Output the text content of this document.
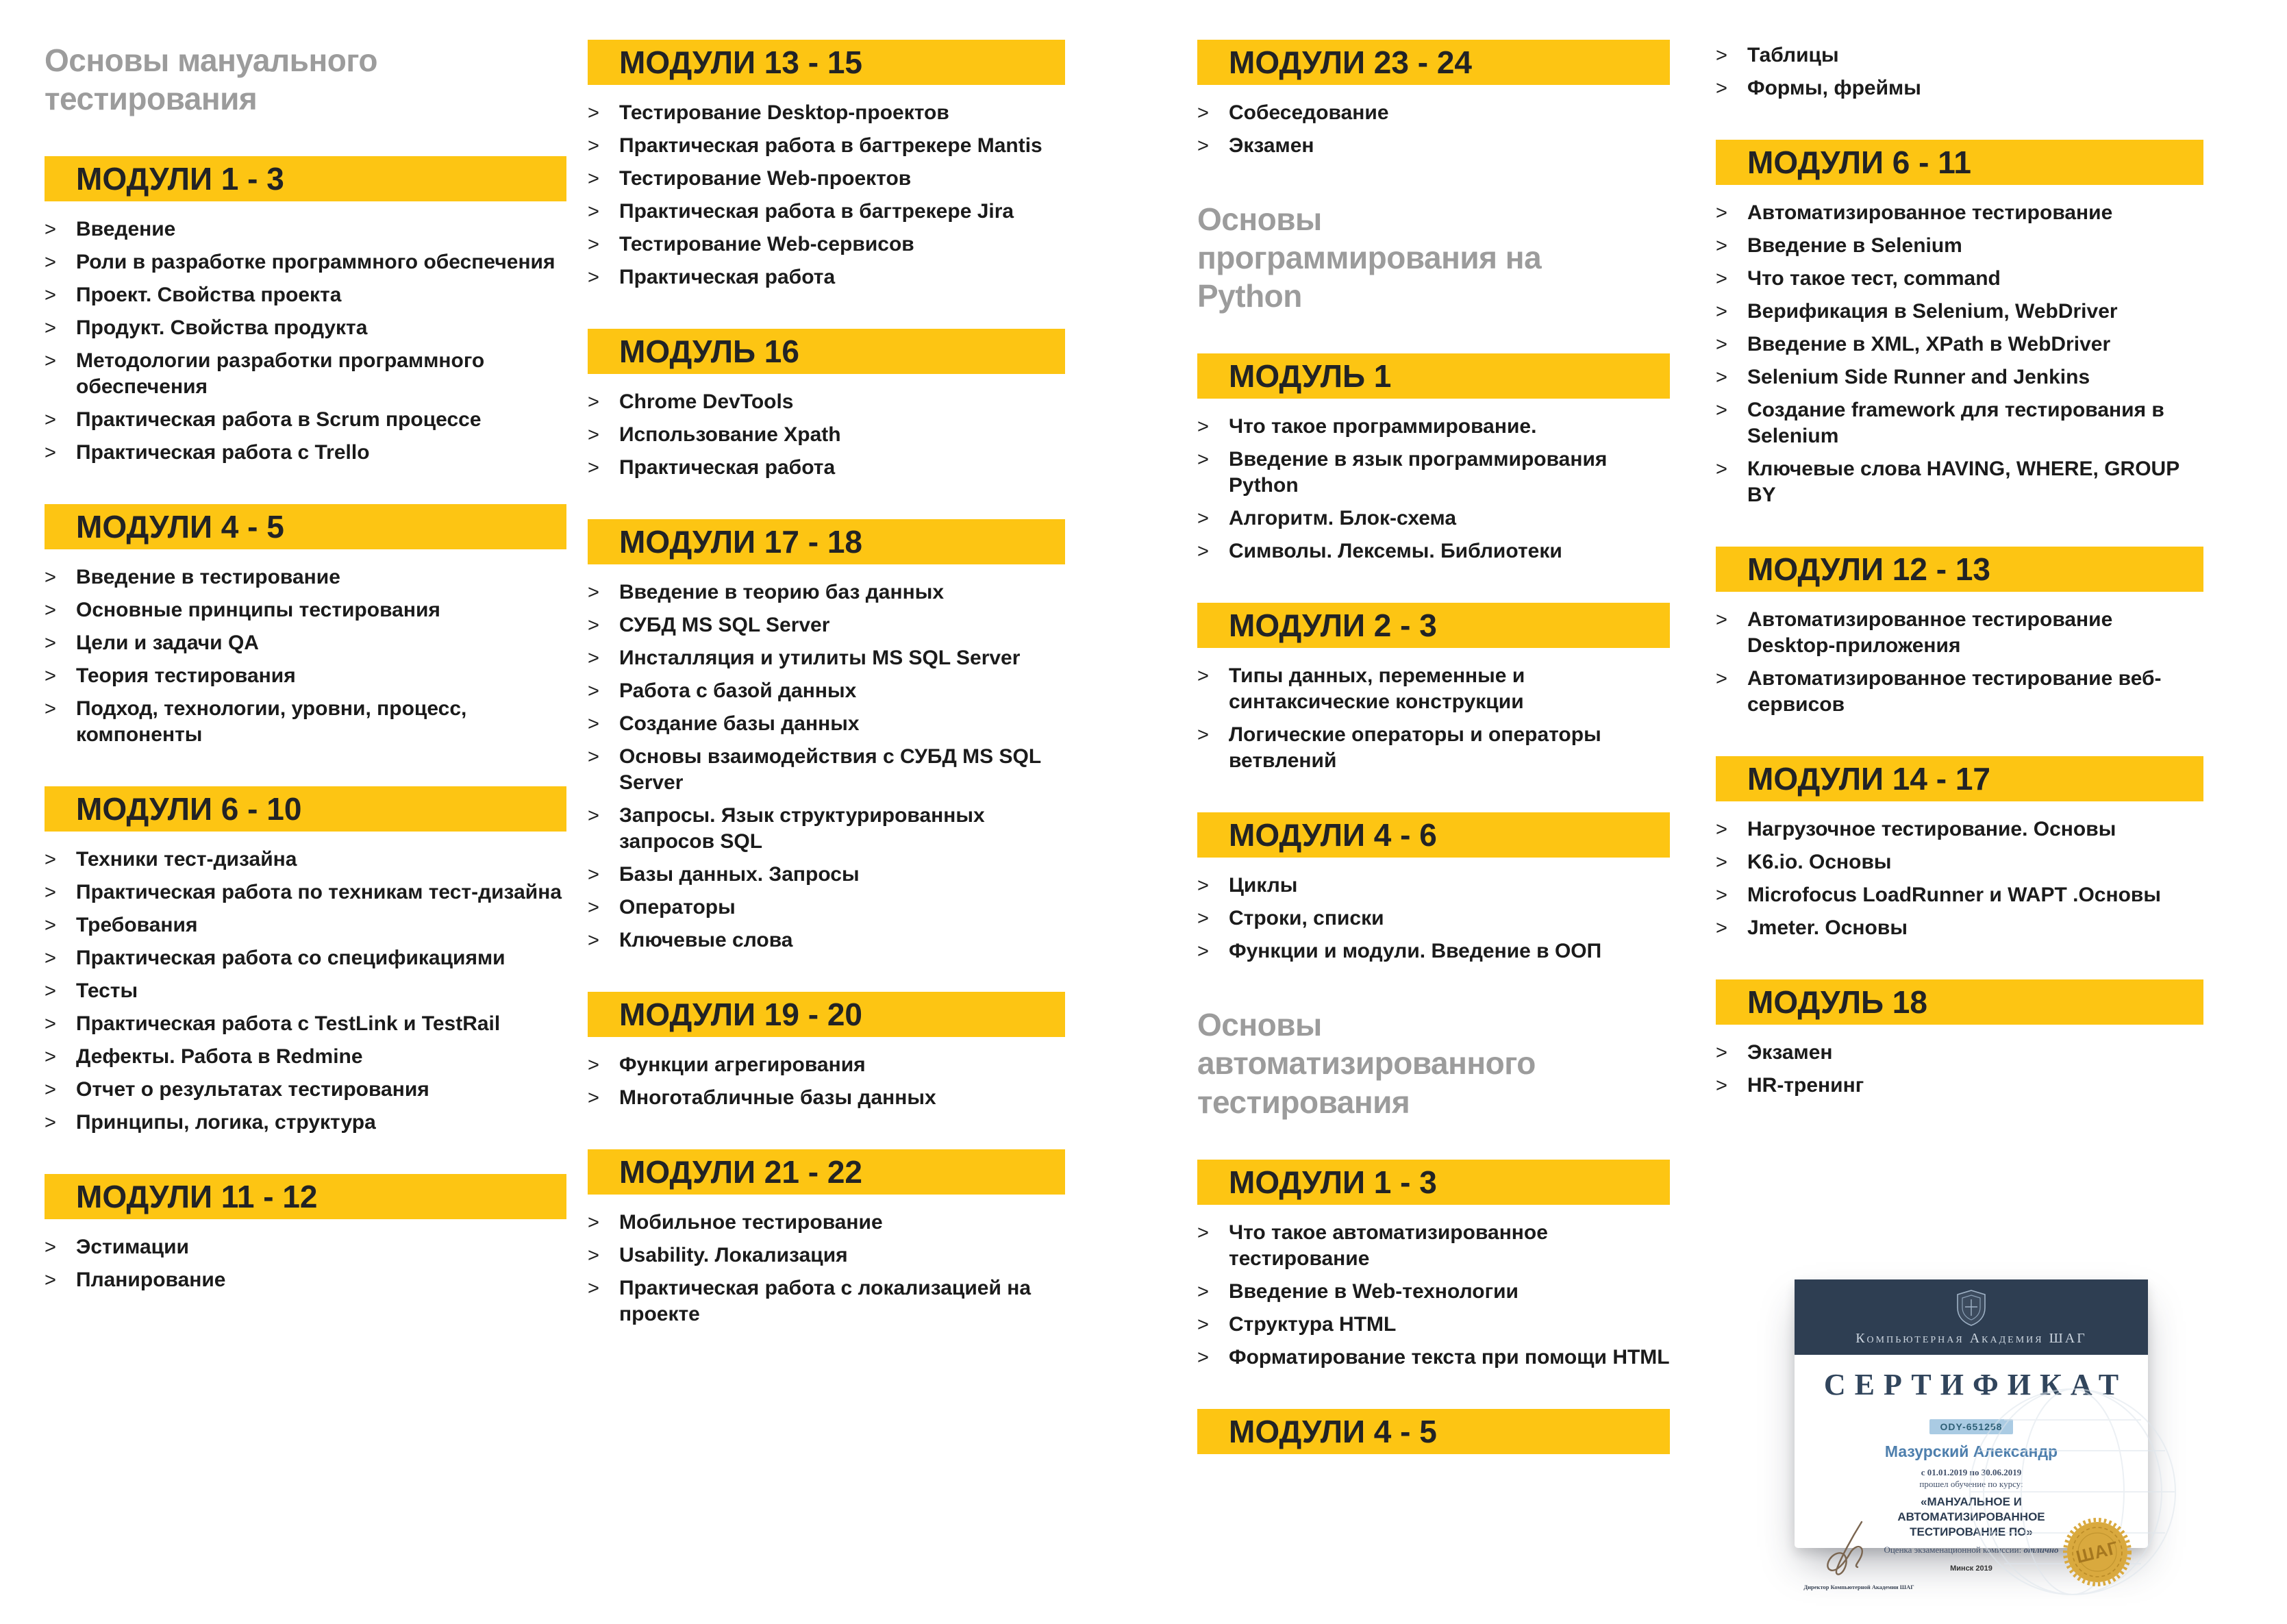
Основы мануального тестирования
МОДУЛИ 1 - 3
> Введение
> Роли в разработке программного обеспечения
> Проект. Свойства проекта
> Продукт. Свойства продукта
> Методологии разработки программного обеспечения
> Практическая работа в Scrum процессе
> Практическая работа с Trello
МОДУЛИ 4 - 5
> Введение в тестирование
> Основные принципы тестирования
> Цели и задачи QA
> Теория тестирования
> Подход, технологии, уровни, процесс, компоненты
МОДУЛИ 6 - 10
> Техники тест-дизайна
> Практическая работа по техникам тест-дизайна
> Требования
> Практическая работа со спецификациями
> Тесты
> Практическая работа с TestLink и TestRail
> Дефекты. Работа в Redmine
> Отчет о результатах тестирования
> Принципы, логика, структура
МОДУЛИ 11 - 12
> Эстимации
> Планирование
МОДУЛИ 13 - 15
> Тестирование Desktop-проектов
> Практическая работа в багтрекере Mantis
> Тестирование Web-проектов
> Практическая работа в багтрекере Jira
> Тестирование Web-сервисов
> Практическая работа
МОДУЛЬ 16
> Chrome DevTools
> Использование Xpath
> Практическая работа
МОДУЛИ 17 - 18
> Введение в теорию баз данных
> СУБД MS SQL Server
> Инсталляция и утилиты MS SQL Server
> Работа с базой данных
> Создание базы данных
> Основы взаимодействия с СУБД MS SQL Server
> Запросы. Язык структурированных запросов SQL
> Базы данных. Запросы
> Операторы
> Ключевые слова
МОДУЛИ 19 - 20
> Функции агрегирования
> Многотабличные базы данных
МОДУЛИ 21 - 22
> Мобильное тестирование
> Usability. Локализация
> Практическая работа с локализацией на проекте
МОДУЛИ 23 - 24
> Собеседование
> Экзамен
Основы программирования на Python
МОДУЛЬ 1
> Что такое программирование.
> Введение в язык программирования Python
> Алгоритм. Блок-схема
> Символы. Лексемы. Библиотеки
МОДУЛИ 2 - 3
> Типы данных, переменные и синтаксические конструкции
> Логические операторы и операторы ветвлений
МОДУЛИ 4 - 6
> Циклы
> Строки, списки
> Функции и модули. Введение в ООП
Основы автоматизированного тестирования
МОДУЛИ 1 - 3
> Что такое автоматизированное тестирование
> Введение в Web-технологии
> Структура HTML
> Форматирование текста при помощи HTML
МОДУЛИ 4 - 5
> Таблицы
> Формы, фреймы
МОДУЛИ 6 - 11
> Автоматизированное тестирование
> Введение в Selenium
> Что такое тест, command
> Верификация в Selenium, WebDriver
> Введение в XML, XPath в WebDriver
> Selenium Side Runner and Jenkins
> Создание framework для тестирования в Selenium
> Ключевые слова HAVING, WHERE, GROUP BY
МОДУЛИ 12 - 13
> Автоматизированное тестирование Desktop-приложения
> Автоматизированное тестирование веб-сервисов
МОДУЛИ 14 - 17
> Нагрузочное тестирование. Основы
> K6.io. Основы
> Microfocus LoadRunner и WAPT .Основы
> Jmeter. Основы
МОДУЛЬ 18
> Экзамен
> HR-тренинг
Компьютерная Академия ШАГ
СЕРТИФИКАТ

ODY-651258
Мазурский Александр
с 01.01.2019 по 30.06.2019
прошел обучение по курсу:
«МАНУАЛЬНОЕ И АВТОМАТИЗИРОВАННОЕ ТЕСТИРОВАНИЕ ПО»
Оценка экзаменационной комиссии: отлично
Минск 2019
Директор Компьютерной Академии ШАГ
ШАГ
